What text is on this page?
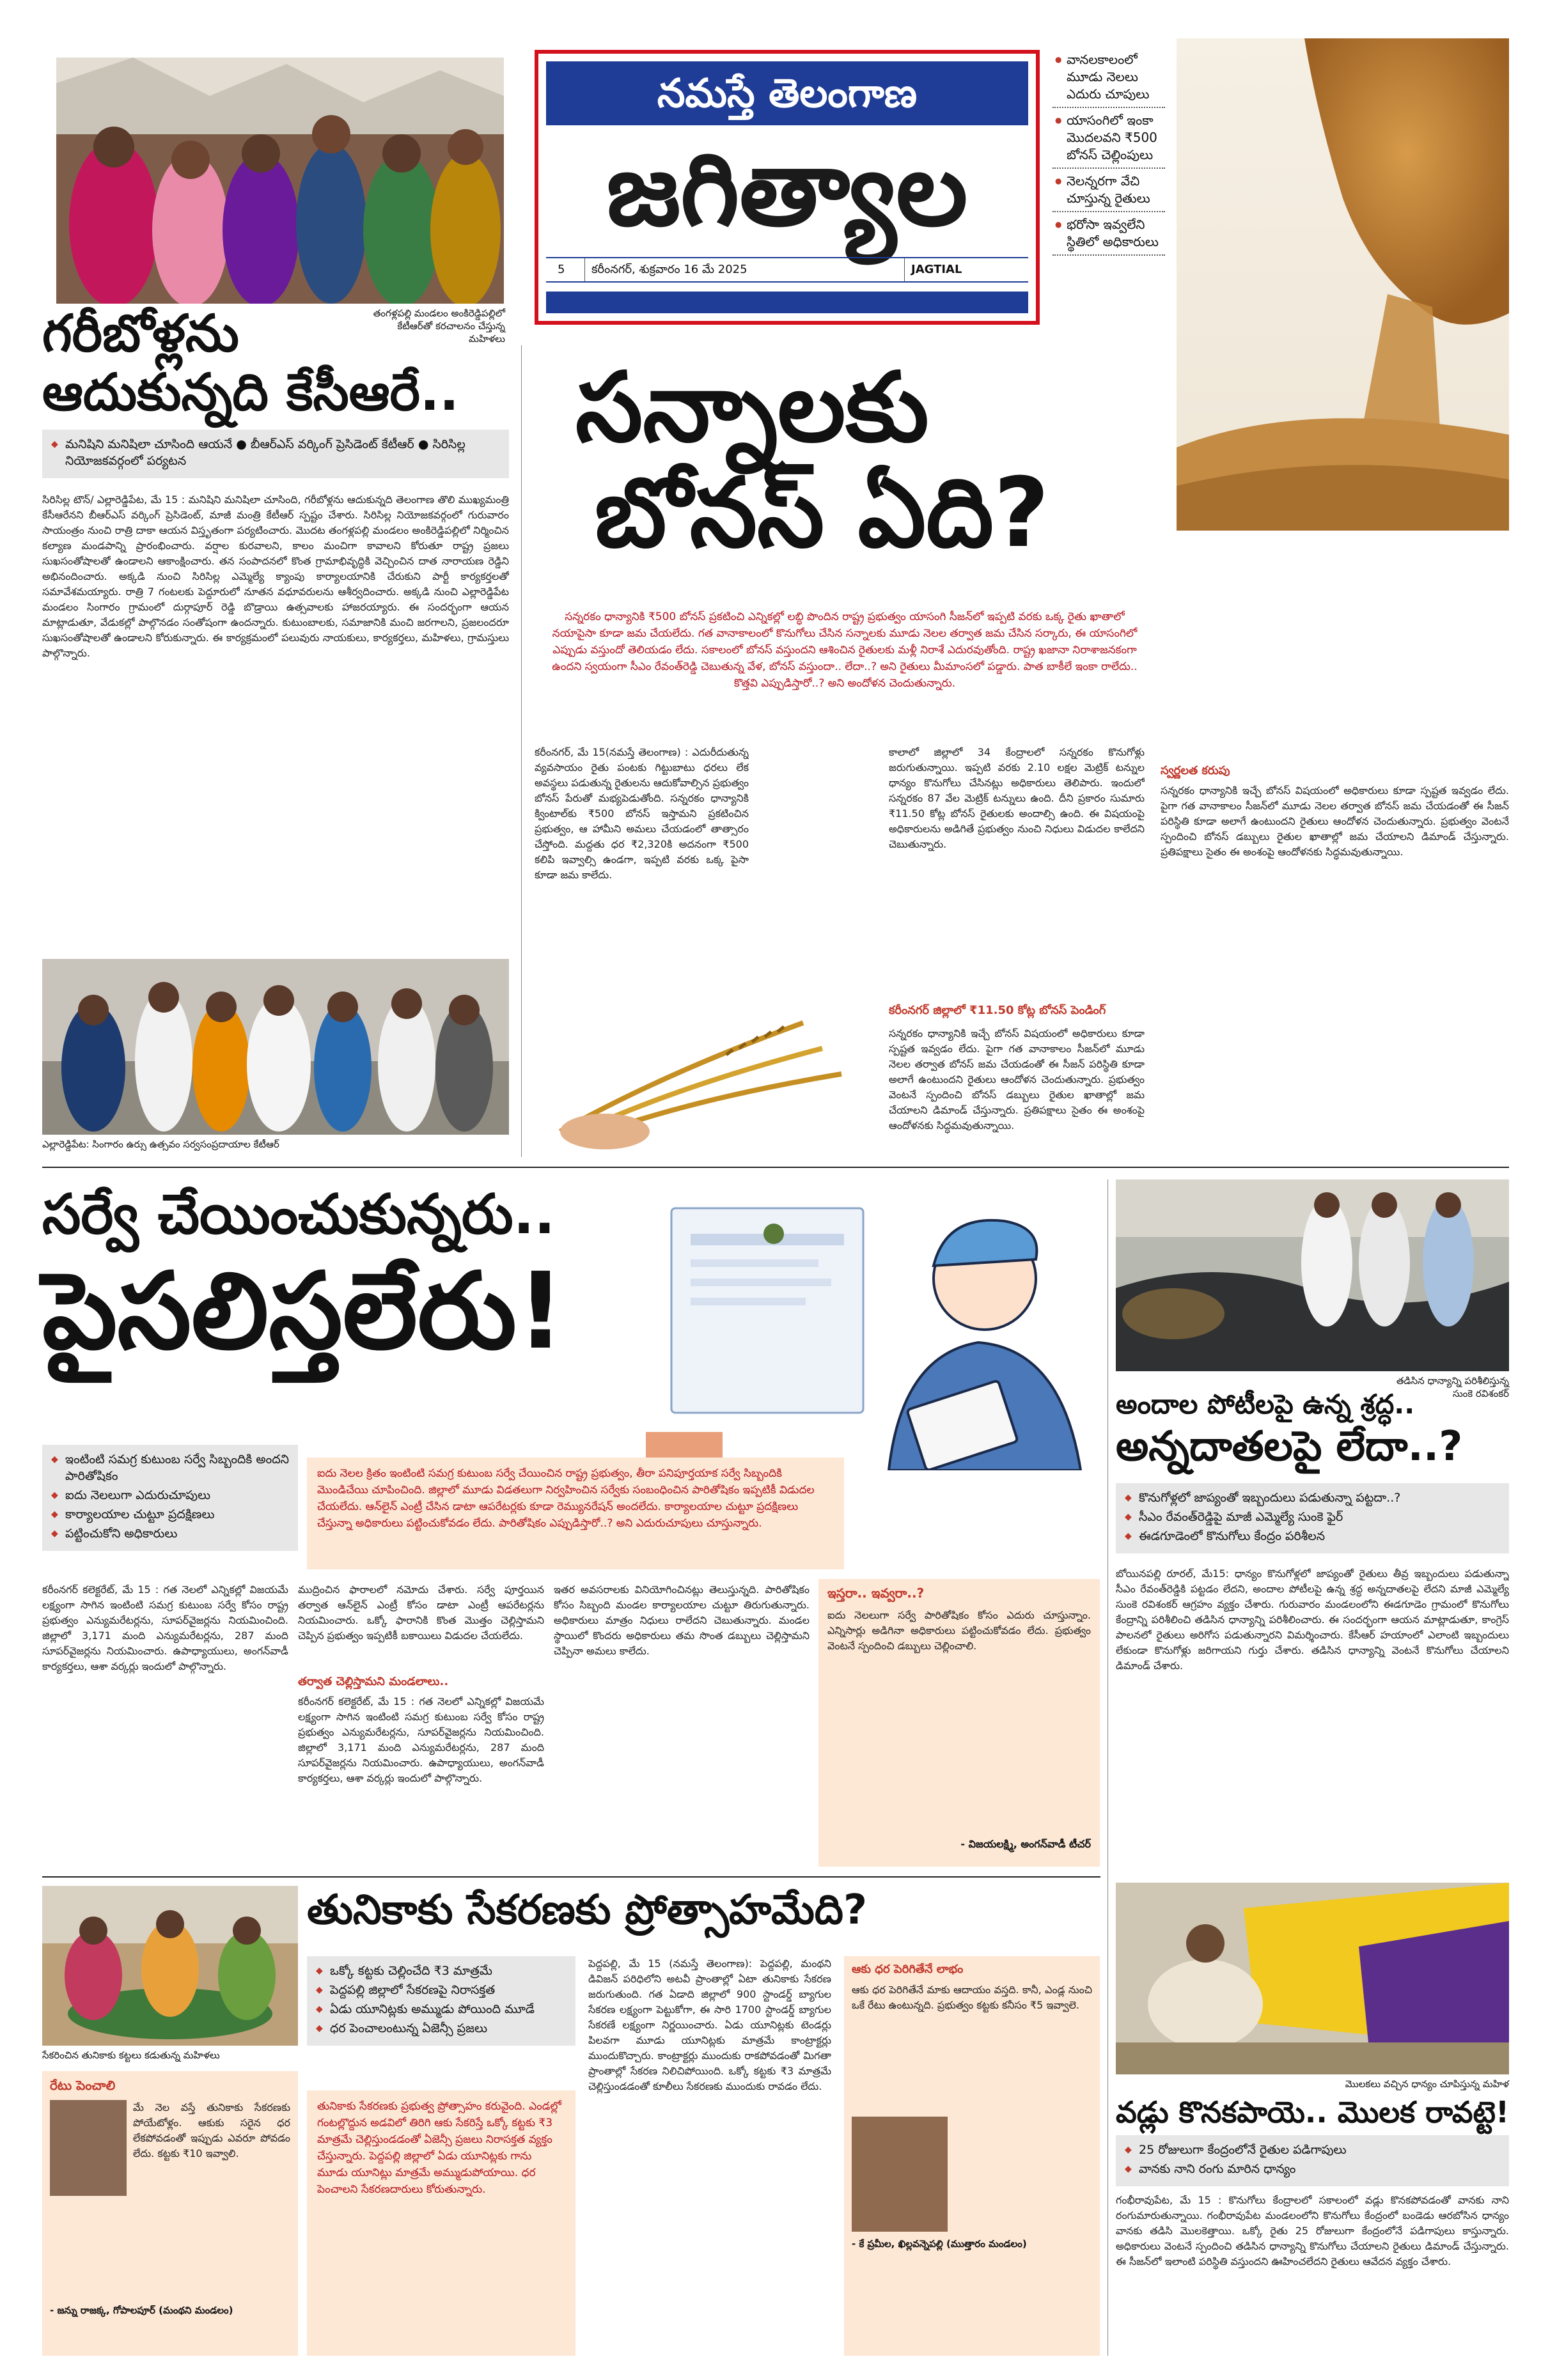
తంగళ్లపల్లి మండలం అంకిరెడ్డిపల్లిలో కేటీఆర్‌తో కరచాలనం చేస్తున్న మహిళలు
నమస్తే తెలంగాణ
జగిత్యాల
5	కరీంనగర్, శుక్రవారం 16 మే 2025	JAGTIAL
● వానలకాలంలో మూడు నెలలు ఎదురు చూపులు
● యాసంగిలో ఇంకా మొదలవని ₹500 బోనస్ చెల్లింపులు
● నెలన్నరగా వేచి చూస్తున్న రైతులు
● భరోసా ఇవ్వలేని స్థితిలో అధికారులు
గరీబోళ్లను
ఆదుకున్నది కేసీఆరే..
◆ మనిషిని మనిషిలా చూసింది ఆయనే ● బీఆర్‌ఎస్ వర్కింగ్ ప్రెసిడెంట్ కేటీఆర్ ● సిరిసిల్ల నియోజకవర్గంలో పర్యటన
సిరిసిల్ల టౌన్/ ఎల్లారెడ్డిపేట, మే 15 : మనిషిని మనిషిలా చూసింది, గరీబోళ్లను ఆదుకున్నది తెలంగాణ తొలి ముఖ్యమంత్రి కేసీఆరేనని బీఆర్‌ఎస్ వర్కింగ్ ప్రెసిడెంట్, మాజీ మంత్రి కేటీఆర్ స్పష్టం చేశారు. సిరిసిల్ల నియోజకవర్గంలో గురువారం సాయంత్రం నుంచి రాత్రి దాకా ఆయన విస్తృతంగా పర్యటించారు. మొదట తంగళ్లపల్లి మండలం అంకిరెడ్డిపల్లిలో నిర్మించిన కల్యాణ మండపాన్ని ప్రారంభించారు. వర్షాల కురవాలని, కాలం మంచిగా కావాలని కోరుతూ రాష్ట్ర ప్రజలు సుఖసంతోషాలతో ఉండాలని ఆకాంక్షించారు. తన సంపాదనలో కొంత గ్రామాభివృద్ధికి వెచ్చించిన దాత నారాయణ రెడ్డిని అభినందించారు. అక్కడి నుంచి సిరిసిల్ల ఎమ్మెల్యే క్యాంపు కార్యాలయానికి చేరుకుని పార్టీ కార్యకర్తలతో సమావేశమయ్యారు. రాత్రి 7 గంటలకు పెద్దూరులో నూతన వధూవరులను ఆశీర్వదించారు. అక్కడి నుంచి ఎల్లారెడ్డిపేట మండలం సింగారం గ్రామంలో దుర్గాపూర్ రెడ్డి బొడ్రాయి ఉత్సవాలకు హాజరయ్యారు. ఈ సందర్భంగా ఆయన మాట్లాడుతూ, వేడుకల్లో పాల్గొనడం సంతోషంగా ఉందన్నారు. కుటుంబాలకు, సమాజానికి మంచి జరగాలని, ప్రజలందరూ సుఖసంతోషాలతో ఉండాలని కోరుకున్నారు. ఈ కార్యక్రమంలో పలువురు నాయకులు, కార్యకర్తలు, మహిళలు, గ్రామస్తులు పాల్గొన్నారు.
ఎల్లారెడ్డిపేట: సింగారం ఉర్సు ఉత్సవం సర్వసంప్రదాయాల కేటీఆర్
సన్నాలకు
బోనస్ ఏది?
సన్నరకం ధాన్యానికి ₹500 బోనస్ ప్రకటించి ఎన్నికల్లో లబ్ధి పొందిన రాష్ట్ర ప్రభుత్వం యాసంగి సీజన్‌లో ఇప్పటి వరకు ఒక్క రైతు ఖాతాలో నయాపైసా కూడా జమ చేయలేదు. గత వానాకాలంలో కొనుగోలు చేసిన సన్నాలకు మూడు నెలల తర్వాత జమ చేసిన సర్కారు, ఈ యాసంగిలో ఎప్పుడు వస్తుందో తెలియడం లేదు. సకాలంలో బోనస్ వస్తుందని ఆశించిన రైతులకు మళ్లీ నిరాశే ఎదురవుతోంది. రాష్ట్ర ఖజానా నిరాశాజనకంగా ఉందని స్వయంగా సీఎం రేవంత్‌రెడ్డి చెబుతున్న వేళ, బోనస్ వస్తుందా.. లేదా..? అని రైతులు మీమాంసలో పడ్డారు. పాత బాకీలే ఇంకా రాలేదు.. కొత్తవి ఎప్పుడిస్తారో..? అని అందోళన చెందుతున్నారు.
కరీంనగర్, మే 15(నమస్తే తెలంగాణ) : ఎదురీదుతున్న వ్యవసాయం రైతు పంటకు గిట్టుబాటు ధరలు లేక అవస్థలు పడుతున్న రైతులను ఆదుకోవాల్సిన ప్రభుత్వం బోనస్ పేరుతో మభ్యపెడుతోంది. సన్నరకం ధాన్యానికి క్వింటాల్‌కు ₹500 బోనస్ ఇస్తామని ప్రకటించిన ప్రభుత్వం, ఆ హామీని అమలు చేయడంలో తాత్సారం చేస్తోంది. మద్దతు ధర ₹2,320కి అదనంగా ₹500 కలిపి ఇవ్వాల్సి ఉండగా, ఇప్పటి వరకు ఒక్క పైసా కూడా జమ కాలేదు.
కాలాలో జిల్లాలో 34 కేంద్రాలలో సన్నరకం కొనుగోళ్లు జరుగుతున్నాయి. ఇప్పటి వరకు 2.10 లక్షల మెట్రిక్ టన్నుల ధాన్యం కొనుగోలు చేసినట్లు అధికారులు తెలిపారు. ఇందులో సన్నరకం 87 వేల మెట్రిక్ టన్నులు ఉంది. దీని ప్రకారం సుమారు ₹11.50 కోట్ల బోనస్ రైతులకు అందాల్సి ఉంది. ఈ విషయంపై అధికారులను అడిగితే ప్రభుత్వం నుంచి నిధులు విడుదల కాలేదని చెబుతున్నారు.
కరీంనగర్ జిల్లాలో ₹11.50 కోట్ల బోనస్ పెండింగ్
సన్నరకం ధాన్యానికి ఇచ్చే బోనస్ విషయంలో అధికారులు కూడా స్పష్టత ఇవ్వడం లేదు. పైగా గత వానాకాలం సీజన్‌లో మూడు నెలల తర్వాత బోనస్ జమ చేయడంతో ఈ సీజన్ పరిస్థితి కూడా అలాగే ఉంటుందని రైతులు ఆందోళన చెందుతున్నారు. ప్రభుత్వం వెంటనే స్పందించి బోనస్ డబ్బులు రైతుల ఖాతాల్లో జమ చేయాలని డిమాండ్ చేస్తున్నారు. ప్రతిపక్షాలు సైతం ఈ అంశంపై ఆందోళనకు సిద్ధమవుతున్నాయి.
స్వర్ణలత కరుపు
సన్నరకం ధాన్యానికి ఇచ్చే బోనస్ విషయంలో అధికారులు కూడా స్పష్టత ఇవ్వడం లేదు. పైగా గత వానాకాలం సీజన్‌లో మూడు నెలల తర్వాత బోనస్ జమ చేయడంతో ఈ సీజన్ పరిస్థితి కూడా అలాగే ఉంటుందని రైతులు ఆందోళన చెందుతున్నారు. ప్రభుత్వం వెంటనే స్పందించి బోనస్ డబ్బులు రైతుల ఖాతాల్లో జమ చేయాలని డిమాండ్ చేస్తున్నారు. ప్రతిపక్షాలు సైతం ఈ అంశంపై ఆందోళనకు సిద్ధమవుతున్నాయి.
సర్వే చేయించుకున్నరు..
పైసలిస్తలేరు!
◆ ఇంటింటి సమగ్ర కుటుంబ సర్వే సిబ్బందికి అందని పారితోషికం
◆ ఐదు నెలలుగా ఎదురుచూపులు
◆ కార్యాలయాల చుట్టూ ప్రదక్షిణలు
◆ పట్టించుకోని అధికారులు
ఐదు నెలల క్రితం ఇంటింటి సమగ్ర కుటుంబ సర్వే చేయించిన రాష్ట్ర ప్రభుత్వం, తీరా పనిపూర్తయాక సర్వే సిబ్బందికి మొండిచేయి చూపించింది. జిల్లాలో మూడు విడతలుగా నిర్వహించిన సర్వేకు సంబంధించిన పారితోషికం ఇప్పటికీ విడుదల చేయలేదు. ఆన్‌లైన్ ఎంట్రీ చేసిన డాటా ఆపరేటర్లకు కూడా రెమ్యునరేషన్ అందలేదు. కార్యాలయాల చుట్టూ ప్రదక్షిణలు చేస్తున్నా అధికారులు పట్టించుకోవడం లేదు. పారితోషికం ఎప్పుడిస్తారో..? అని ఎదురుచూపులు చూస్తున్నారు.
కరీంనగర్ కలెక్టరేట్, మే 15 : గత నెలలో ఎన్నికల్లో విజయమే లక్ష్యంగా సాగిన ఇంటింటి సమగ్ర కుటుంబ సర్వే కోసం రాష్ట్ర ప్రభుత్వం ఎన్యుమరేటర్లను, సూపర్‌వైజర్లను నియమించింది. జిల్లాలో 3,171 మంది ఎన్యుమరేటర్లను, 287 మంది సూపర్‌వైజర్లను నియమించారు. ఉపాధ్యాయులు, అంగన్‌వాడీ కార్యకర్తలు, ఆశా వర్కర్లు ఇందులో పాల్గొన్నారు.
ముద్రించిన ఫారాలలో నమోదు చేశారు. సర్వే పూర్తయిన తర్వాత ఆన్‌లైన్ ఎంట్రీ కోసం డాటా ఎంట్రీ ఆపరేటర్లను నియమించారు. ఒక్కో ఫారానికి కొంత మొత్తం చెల్లిస్తామని చెప్పిన ప్రభుత్వం ఇప్పటికీ బకాయిలు విడుదల చేయలేదు.
తర్వాత చెల్లిస్తామని మండలాలు..
కరీంనగర్ కలెక్టరేట్, మే 15 : గత నెలలో ఎన్నికల్లో విజయమే లక్ష్యంగా సాగిన ఇంటింటి సమగ్ర కుటుంబ సర్వే కోసం రాష్ట్ర ప్రభుత్వం ఎన్యుమరేటర్లను, సూపర్‌వైజర్లను నియమించింది. జిల్లాలో 3,171 మంది ఎన్యుమరేటర్లను, 287 మంది సూపర్‌వైజర్లను నియమించారు. ఉపాధ్యాయులు, అంగన్‌వాడీ కార్యకర్తలు, ఆశా వర్కర్లు ఇందులో పాల్గొన్నారు.
ఇతర అవసరాలకు వినియోగించినట్లు తెలుస్తున్నది. పారితోషికం కోసం సిబ్బంది మండల కార్యాలయాల చుట్టూ తిరుగుతున్నారు. అధికారులు మాత్రం నిధులు రాలేదని చెబుతున్నారు. మండల స్థాయిలో కొందరు అధికారులు తమ సొంత డబ్బులు చెల్లిస్తామని చెప్పినా అమలు కాలేదు.
ఇస్తరా.. ఇవ్వరా..?
ఐదు నెలలుగా సర్వే పారితోషికం కోసం ఎదురు చూస్తున్నాం. ఎన్నిసార్లు అడిగినా అధికారులు పట్టించుకోవడం లేదు. ప్రభుత్వం వెంటనే స్పందించి డబ్బులు చెల్లించాలి.
- విజయలక్ష్మి, అంగన్‌వాడీ టీచర్
తడిసిన ధాన్యాన్ని పరిశీలిస్తున్న సుంకె రవిశంకర్
అందాల పోటీలపై ఉన్న శ్రద్ధ..
అన్నదాతలపై లేదా..?
◆ కొనుగోళ్లలో జాప్యంతో ఇబ్బందులు పడుతున్నా పట్టదా..?
◆ సీఎం రేవంత్‌రెడ్డిపై మాజీ ఎమ్మెల్యే సుంకె ఫైర్
◆ ఈడగూడెంలో కొనుగోలు కేంద్రం పరిశీలన
బోయినపల్లి రూరల్, మే15: ధాన్యం కొనుగోళ్లలో జాప్యంతో రైతులు తీవ్ర ఇబ్బందులు పడుతున్నా సీఎం రేవంత్‌రెడ్డికి పట్టడం లేదని, అందాల పోటీలపై ఉన్న శ్రద్ధ అన్నదాతలపై లేదని మాజీ ఎమ్మెల్యే సుంకె రవిశంకర్ ఆగ్రహం వ్యక్తం చేశారు. గురువారం మండలంలోని ఈడగూడెం గ్రామంలో కొనుగోలు కేంద్రాన్ని పరిశీలించి తడిసిన ధాన్యాన్ని పరిశీలించారు. ఈ సందర్భంగా ఆయన మాట్లాడుతూ, కాంగ్రెస్ పాలనలో రైతులు అరిగోస పడుతున్నారని విమర్శించారు. కేసీఆర్ హయాంలో ఎలాంటి ఇబ్బందులు లేకుండా కొనుగోళ్లు జరిగాయని గుర్తు చేశారు. తడిసిన ధాన్యాన్ని వెంటనే కొనుగోలు చేయాలని డిమాండ్ చేశారు.
మొలకలు వచ్చిన ధాన్యం చూపిస్తున్న మహిళ
వడ్లు కొనకపాయె.. మొలక రావట్టె!
◆ 25 రోజులుగా కేంద్రంలోనే రైతుల పడిగాపులు
◆ వానకు నాని రంగు మారిన ధాన్యం
గంభీరావుపేట, మే 15 : కొనుగోలు కేంద్రాలలో సకాలంలో వడ్లు కొనకపోవడంతో వానకు నాని రంగుమారుతున్నాయి. గంభీరావుపేట మండలంలోని కొనుగోలు కేంద్రంలో బండెడు ఆరబోసిన ధాన్యం వానకు తడిసి మొలకెత్తాయి. ఒక్కో రైతు 25 రోజులుగా కేంద్రంలోనే పడిగాపులు కాస్తున్నారు. అధికారులు వెంటనే స్పందించి తడిసిన ధాన్యాన్ని కొనుగోలు చేయాలని రైతులు డిమాండ్ చేస్తున్నారు. ఈ సీజన్‌లో ఇలాంటి పరిస్థితి వస్తుందని ఊహించలేదని రైతులు ఆవేదన వ్యక్తం చేశారు.
సేకరించిన తునికాకు కట్టలు కడుతున్న మహిళలు
తునికాకు సేకరణకు ప్రోత్సాహమేది?
◆ ఒక్కో కట్టకు చెల్లించేది ₹3 మాత్రమే
◆ పెద్దపల్లి జిల్లాలో సేకరణపై నిరాసక్తత
◆ ఏడు యూనిట్లకు అమ్ముడు పోయింది మూడే
◆ ధర పెంచాలంటున్న ఏజెన్సీ ప్రజలు
తునికాకు సేకరణకు ప్రభుత్వ ప్రోత్సాహం కరువైంది. ఎండల్లో గంటల్లొద్దున అడవిలో తిరిగి ఆకు సేకరిస్తే ఒక్కో కట్టకు ₹3 మాత్రమే చెల్లిస్తుండడంతో ఏజెన్సీ ప్రజలు నిరాసక్తత వ్యక్తం చేస్తున్నారు. పెద్దపల్లి జిల్లాలో ఏడు యూనిట్లకు గాను మూడు యూనిట్లు మాత్రమే అమ్ముడుపోయాయి. ధర పెంచాలని సేకరణదారులు కోరుతున్నారు.
రేటు పెంచాలి
మే నెల వస్తే తునికాకు సేకరణకు పోయేటోళ్లం. ఆకుకు సరైన ధర లేకపోవడంతో ఇప్పుడు ఎవరూ పోవడం లేదు. కట్టకు ₹10 ఇవ్వాలి.
- జన్ను రాజక్క, గోపాలపూర్ (మంథని మండలం)
పెద్దపల్లి, మే 15 (నమస్తే తెలంగాణ): పెద్దపల్లి, మంథని డివిజన్ పరిధిలోని అటవీ ప్రాంతాల్లో ఏటా తునికాకు సేకరణ జరుగుతుంది. గత ఏడాది జిల్లాలో 900 స్టాండర్డ్ బ్యాగుల సేకరణ లక్ష్యంగా పెట్టుకోగా, ఈ సారి 1700 స్టాండర్డ్ బ్యాగుల సేకరణే లక్ష్యంగా నిర్ణయించారు. ఏడు యూనిట్లకు టెండర్లు పిలవగా మూడు యూనిట్లకు మాత్రమే కాంట్రాక్టర్లు ముందుకొచ్చారు. కాంట్రాక్టర్లు ముందుకు రాకపోవడంతో మిగతా ప్రాంతాల్లో సేకరణ నిలిచిపోయింది. ఒక్కో కట్టకు ₹3 మాత్రమే చెల్లిస్తుండడంతో కూలీలు సేకరణకు ముందుకు రావడం లేదు.
ఆకు ధర పెరిగితేనే లాభం
ఆకు ధర పెరిగితేనే మాకు ఆదాయం వస్తది. కానీ, ఎండ్ల నుంచి ఒకే రేటు ఉంటున్నది. ప్రభుత్వం కట్టకు కనీసం ₹5 ఇవ్వాలె.
- కే ప్రమీల, ఖిల్లవన్నెపల్లి (ముత్తారం మండలం)
